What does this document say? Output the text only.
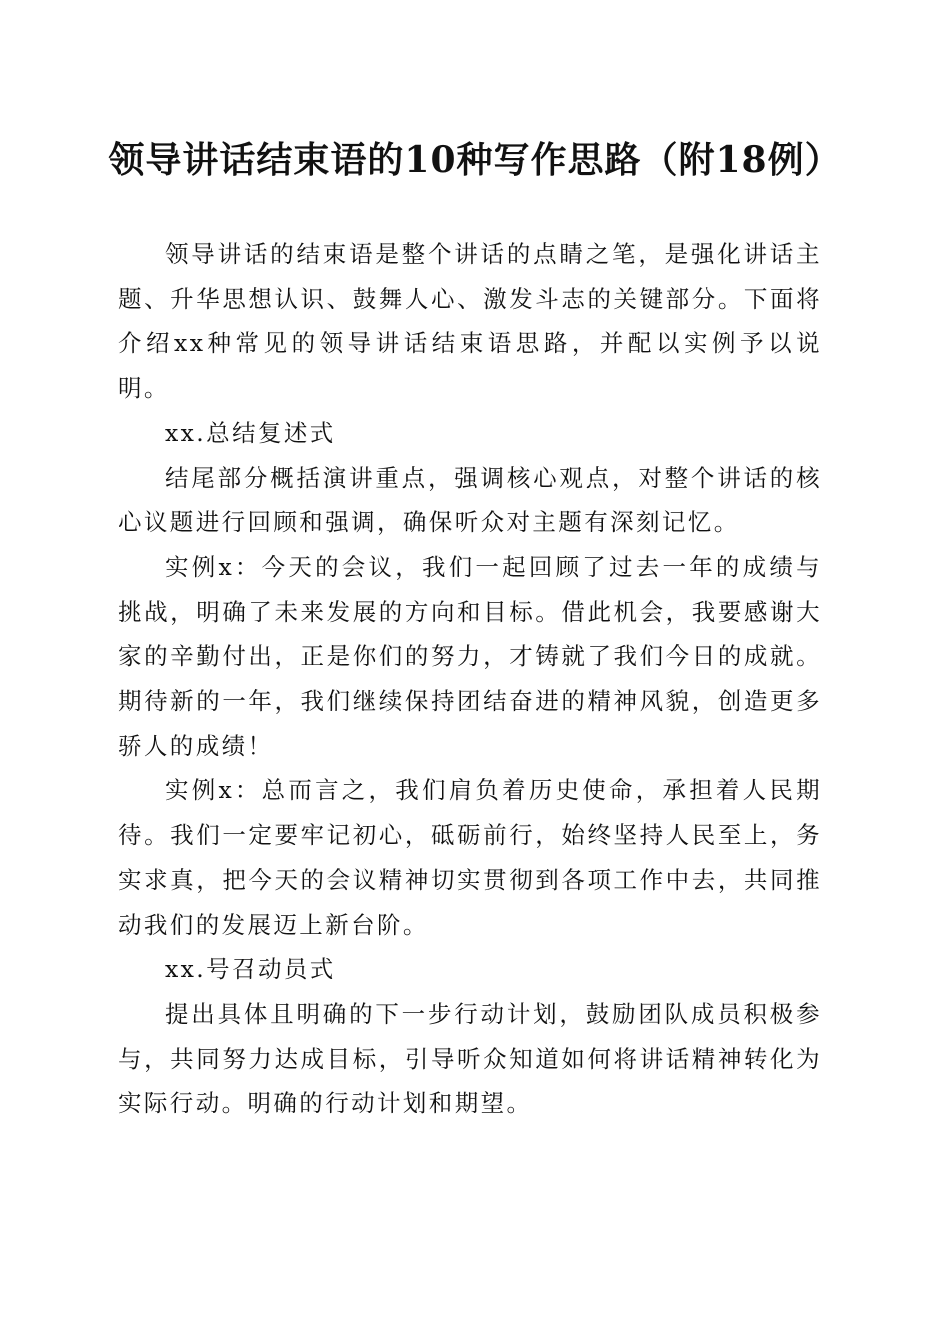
领导讲话结束语的10种写作思路（附18例）

领导讲话的结束语是整个讲话的点睛之笔，是强化讲话主题、升华思想认识、鼓舞人心、激发斗志的关键部分。下面将介绍xx种常见的领导讲话结束语思路，并配以实例予以说明。

xx.总结复述式

结尾部分概括演讲重点，强调核心观点，对整个讲话的核心议题进行回顾和强调，确保听众对主题有深刻记忆。

实例x：今天的会议，我们一起回顾了过去一年的成绩与挑战，明确了未来发展的方向和目标。借此机会，我要感谢大家的辛勤付出，正是你们的努力，才铸就了我们今日的成就。期待新的一年，我们继续保持团结奋进的精神风貌，创造更多骄人的成绩！

实例x：总而言之，我们肩负着历史使命，承担着人民期待。我们一定要牢记初心，砥砺前行，始终坚持人民至上，务实求真，把今天的会议精神切实贯彻到各项工作中去，共同推动我们的发展迈上新台阶。

xx.号召动员式

提出具体且明确的下一步行动计划，鼓励团队成员积极参与，共同努力达成目标，引导听众知道如何将讲话精神转化为实际行动。明确的行动计划和期望。
